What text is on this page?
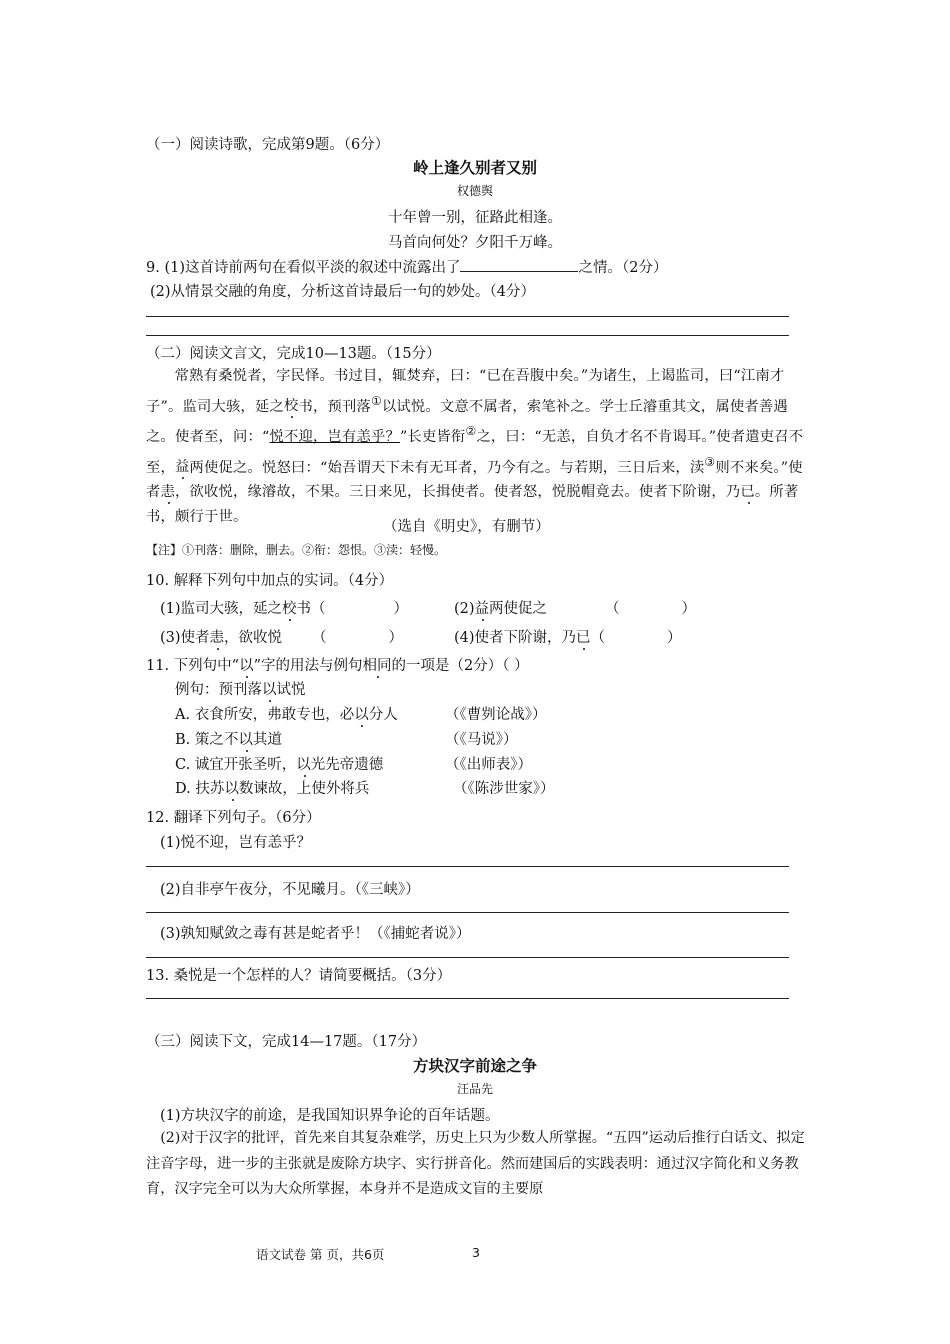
（一）阅读诗歌，完成第9题。（6分）
岭上逢久别者又别
权德舆
十年曾一别，征路此相逢。
马首向何处？夕阳千万峰。
9. (1)这首诗前两句在看似平淡的叙述中流露出了	之情。（2分）
(2)从情景交融的角度，分析这首诗最后一句的妙处。（4分）
（二）阅读文言文，完成10—13题。（15分）
常熟有桑悦者，字民怿。书过目，辄焚弃，曰：“已在吾腹中矣。”为诸生，上谒监司，曰“江南才子”。监司大骇，延之校书，预刊落①以试悦。文意不属者，索笔补之。学士丘濬重其文，属使者善遇之。使者至，问：“悦不迎，岂有恙乎？”长吏皆衔②之，曰：“无恙，自负才名不肯谒耳。”使者遣吏召不至，益两使促之。悦怒曰：“始吾谓天下未有无耳者，乃今有之。与若期，三日后来，渎③则不来矣。”使者恚，欲收悦，缘濬故，不果。三日来见，长揖使者。使者怒，悦脱帽竟去。使者下阶谢，乃已。所著书，颇行于世。
（选自《明史》，有删节）
【注】①刊落：删除，删去。②衔：怨恨。③渎：轻慢。
10. 解释下列句中加点的实词。（4分）
(1)监司大骇，延之校书（	）	(2)益两使促之	（	）
(3)使者恚，欲收悦 （	）	(4)使者下阶谢，乃已（	）
11. 下列句中“以”字的用法与例句相同的一项是（2分）（ ）
例句：预刊落以试悦
A. 衣食所安，弗敢专也，必以分人	（《曹刿论战》）
B. 策之不以其道	（《马说》）
C. 诚宜开张圣听，以光先帝遗德	（《出师表》）
D. 扶苏以数谏故，上使外将兵	（《陈涉世家》）
12. 翻译下列句子。（6分）
(1)悦不迎，岂有恙乎？
(2)自非亭午夜分，不见曦月。（《三峡》）
(3)孰知赋敛之毒有甚是蛇者乎！（《捕蛇者说》）
13. 桑悦是一个怎样的人？请简要概括。（3分）
（三）阅读下文，完成14—17题。（17分）
方块汉字前途之争
汪品先
(1)方块汉字的前途，是我国知识界争论的百年话题。
(2)对于汉字的批评，首先来自其复杂难学，历史上只为少数人所掌握。“五四”运动后推行白话文、拟定注音字母，进一步的主张就是废除方块字、实行拼音化。然而建国后的实践表明：通过汉字简化和义务教育，汉字完全可以为大众所掌握，本身并不是造成文盲的主要原
语文试卷 第 页，共6页	3
